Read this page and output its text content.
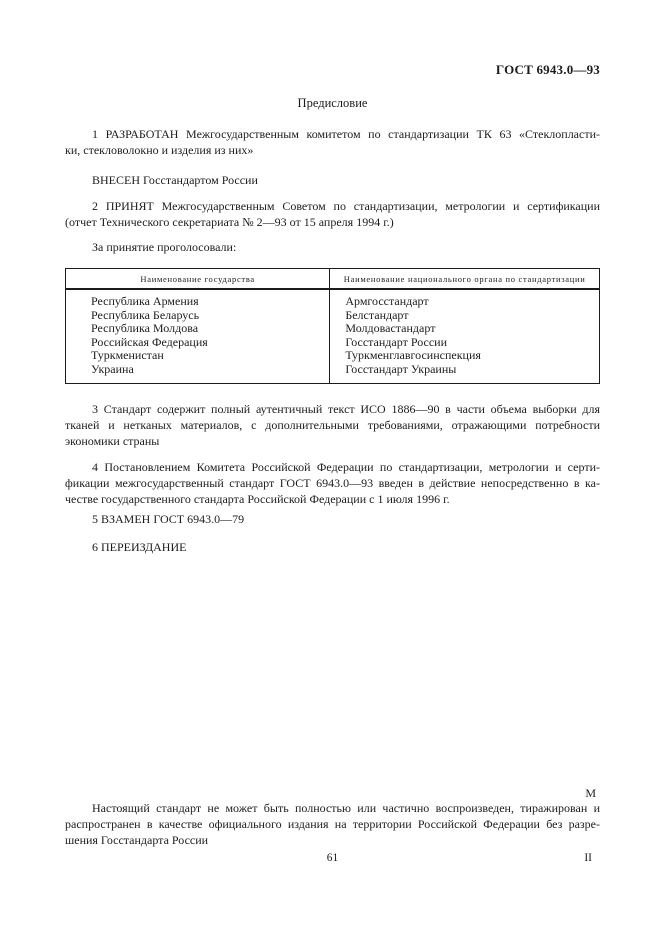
ГОСТ 6943.0—93
Предисловие
1 РАЗРАБОТАН Межгосударственным комитетом по стандартизации ТК 63 «Стеклопласти-
ки, стекловолокно и изделия из них»
ВНЕСЕН Госстандартом России
2 ПРИНЯТ Межгосударственным Советом по стандартизации, метрологии и сертификации
(отчет Технического секретариата № 2—93 от 15 апреля 1994 г.)
За принятие проголосовали:
Наименование государства	Наименование национального органа по стандартизации
Республика Армения	Армгосстандарт
Республика Беларусь	Белстандарт
Республика Молдова	Молдовастандарт
Российская Федерация	Госстандарт России
Туркменистан	Туркменглавгосинспекция
Украина	Госстандарт Украины
3 Стандарт содержит полный аутентичный текст ИСО 1886—90 в части объема выборки для
тканей и нетканых материалов, с дополнительными требованиями, отражающими потребности
экономики страны
4 Постановлением Комитета Российской Федерации по стандартизации, метрологии и серти-
фикации межгосударственный стандарт ГОСТ 6943.0—93 введен в действие непосредственно в ка-
честве государственного стандарта Российской Федерации с 1 июля 1996 г.
5 ВЗАМЕН ГОСТ 6943.0—79
6 ПЕРЕИЗДАНИЕ
М
Настоящий стандарт не может быть полностью или частично воспроизведен, тиражирован и
распространен в качестве официального издания на территории Российской Федерации без разре-
шения Госстандарта России
61	II
